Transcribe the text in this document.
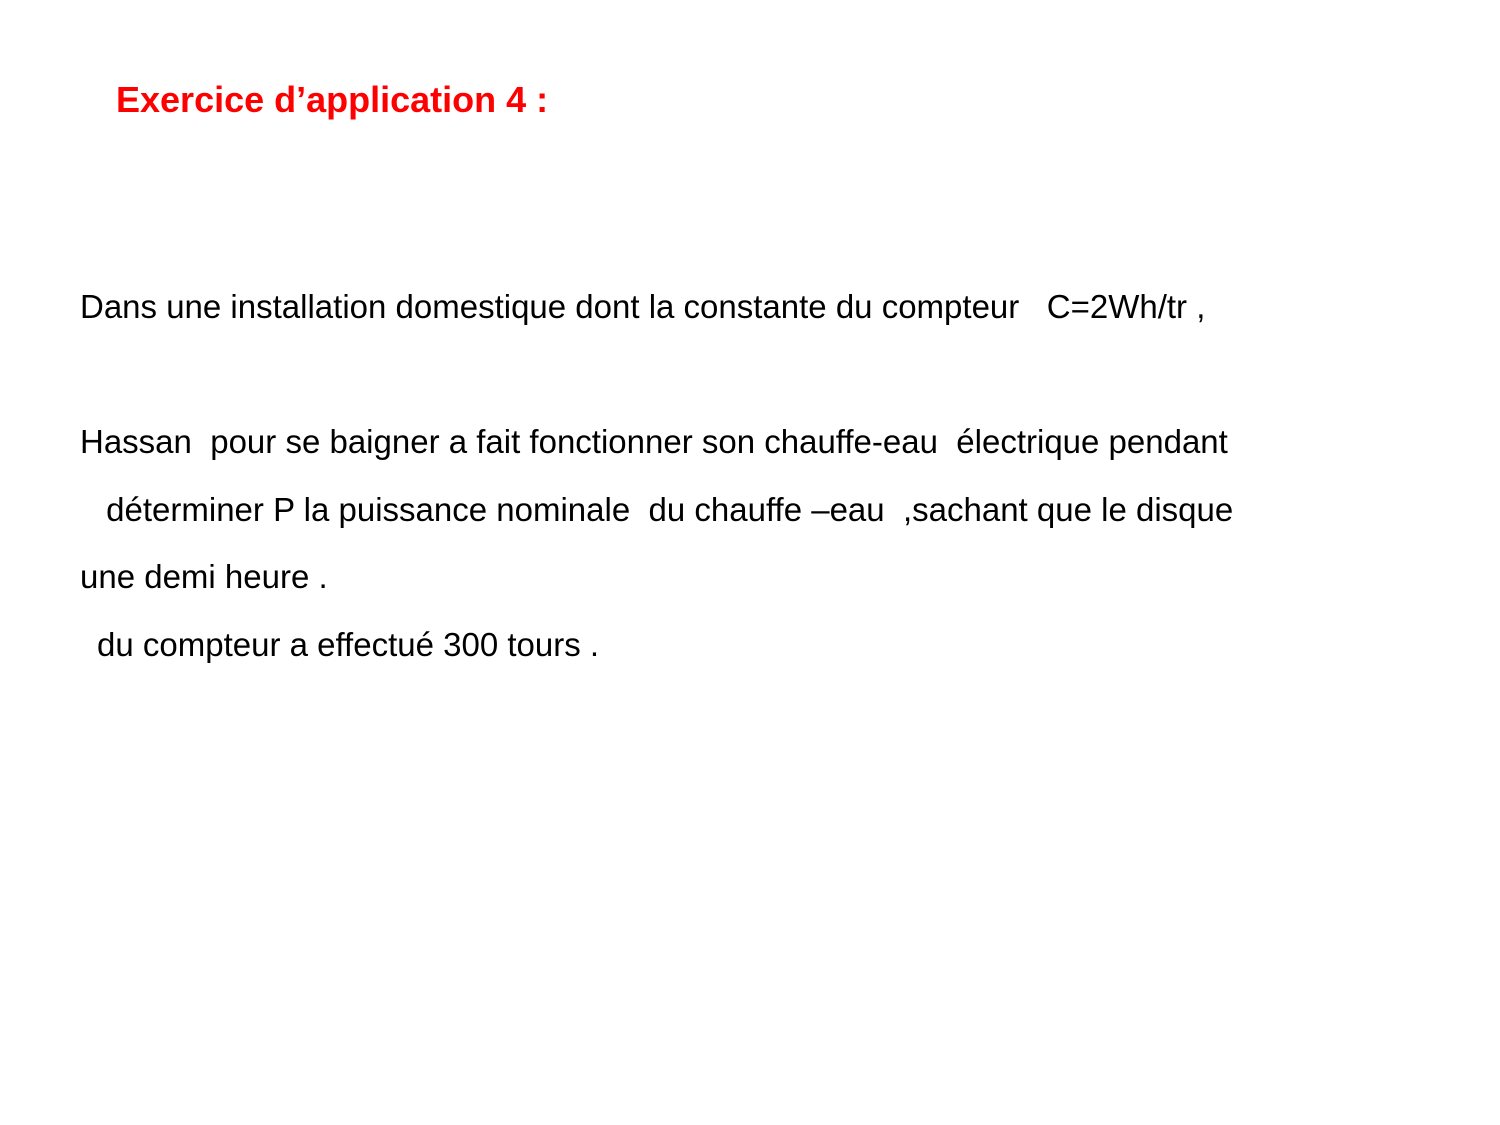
Exercice d’application 4 :

Dans une installation domestique dont la constante du compteur   C=2Wh/tr ,

Hassan  pour se baigner a fait fonctionner son chauffe-eau  électrique pendant

une demi heure .

déterminer P la puissance nominale  du chauffe –eau  ,sachant que le disque

du compteur a effectué 300 tours .
